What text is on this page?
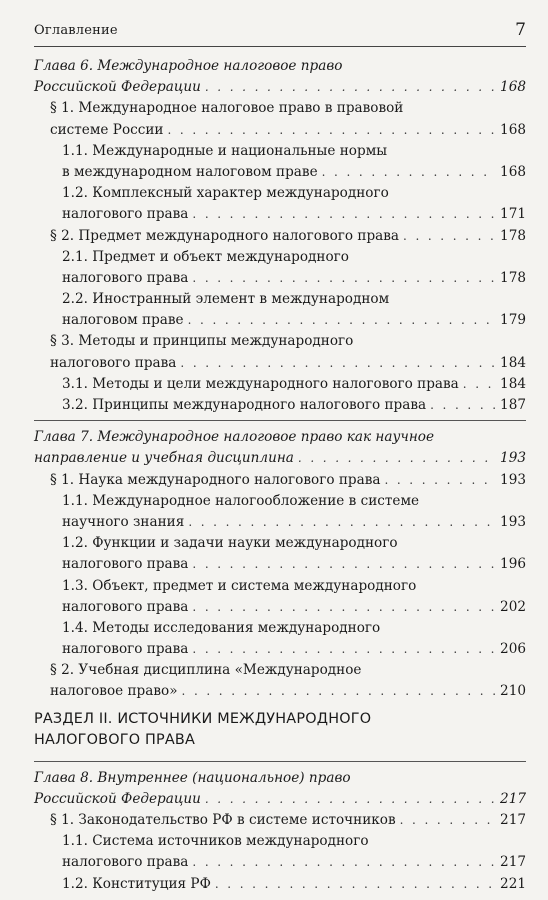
Оглавление	7
Глава 6. Международное налоговое право
Российской Федерации . . .	168
§ 1. Международное налоговое право в правовой
системе России . . .	168
1.1. Международные и национальные нормы
в международном налоговом праве . . .	168
1.2. Комплексный характер международного
налогового права . . .	171
§ 2. Предмет международного налогового права . . .	178
2.1. Предмет и объект международного
налогового права . . .	178
2.2. Иностранный элемент в международном
налоговом праве . . .	179
§ 3. Методы и принципы международного
налогового права . . .	184
3.1. Методы и цели международного налогового права . . .	184
3.2. Принципы международного налогового права . . .	187
Глава 7. Международное налоговое право как научное
направление и учебная дисциплина . . .	193
§ 1. Наука международного налогового права . . .	193
1.1. Международное налогообложение в системе
научного знания . . .	193
1.2. Функции и задачи науки международного
налогового права . . .	196
1.3. Объект, предмет и система международного
налогового права . . .	202
1.4. Методы исследования международного
налогового права . . .	206
§ 2. Учебная дисциплина «Международное
налоговое право» . . .	210
РАЗДЕЛ II. ИСТОЧНИКИ МЕЖДУНАРОДНОГО
НАЛОГОВОГО ПРАВА
Глава 8. Внутреннее (национальное) право
Российской Федерации . . .	217
§ 1. Законодательство РФ в системе источников . . .	217
1.1. Система источников международного
налогового права . . .	217
1.2. Конституция РФ . . .	221
